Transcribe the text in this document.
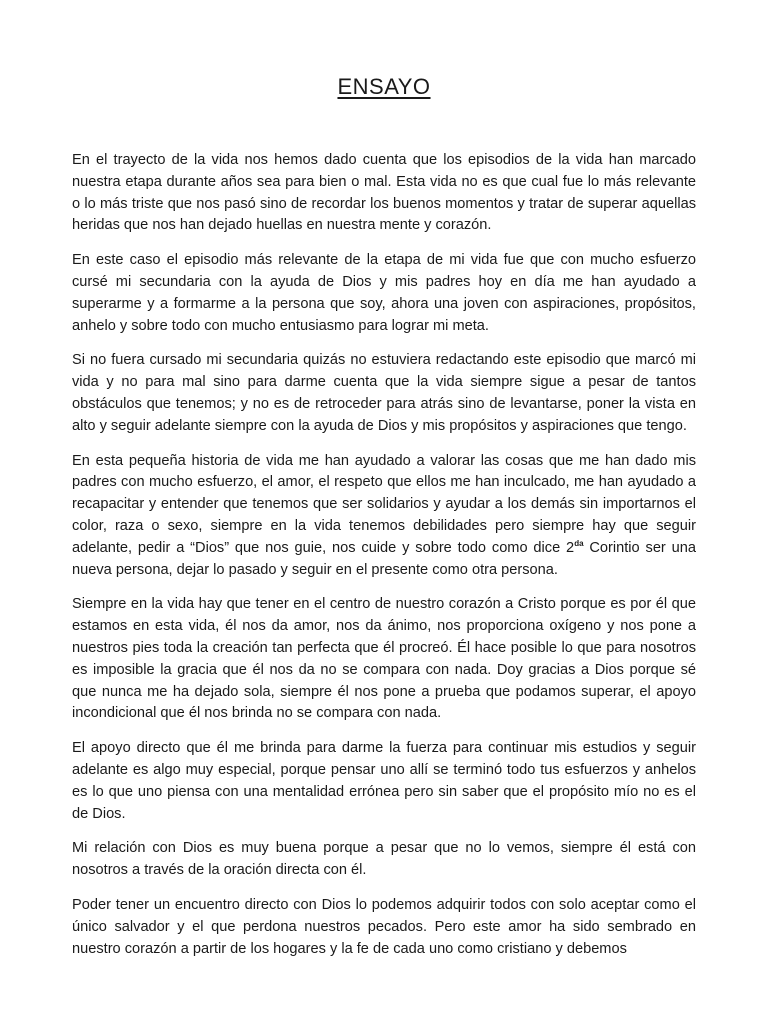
ENSAYO

En el trayecto de la vida nos hemos dado cuenta que los episodios de la vida han marcado nuestra etapa durante años sea para bien o mal. Esta vida no es que cual fue lo más relevante o lo más triste que nos pasó sino de recordar los buenos momentos y tratar de superar aquellas heridas que nos han dejado huellas en nuestra mente y corazón.

En este caso el episodio más relevante de la etapa de mi vida fue que con mucho esfuerzo cursé mi secundaria con la ayuda de Dios y mis padres hoy en día me han ayudado a superarme y a formarme a la persona que soy, ahora una joven con aspiraciones, propósitos, anhelo y sobre todo con mucho entusiasmo para lograr mi meta.

Si no fuera cursado mi secundaria quizás no estuviera redactando este episodio que marcó mi vida y no para mal sino para darme cuenta que la vida siempre sigue a pesar de tantos obstáculos que tenemos; y no es de retroceder para atrás sino de levantarse, poner la vista en alto y seguir adelante siempre con la ayuda de Dios y mis propósitos y aspiraciones que tengo.

En esta pequeña historia de vida me han ayudado a valorar las cosas que me han dado mis padres con mucho esfuerzo, el amor, el respeto que ellos me han inculcado, me han ayudado a recapacitar y entender que tenemos que ser solidarios y ayudar a los demás sin importarnos el color, raza o sexo, siempre en la vida tenemos debilidades pero siempre hay que seguir adelante, pedir a “Dios” que nos guie, nos cuide y sobre todo como dice $2^{da}$ Corintio ser una nueva persona, dejar lo pasado y seguir en el presente como otra persona.

Siempre en la vida hay que tener en el centro de nuestro corazón a Cristo porque es por él que estamos en esta vida, él nos da amor, nos da ánimo, nos proporciona oxígeno y nos pone a nuestros pies toda la creación tan perfecta que él procreó. Él hace posible lo que para nosotros es imposible la gracia que él nos da no se compara con nada. Doy gracias a Dios porque sé que nunca me ha dejado sola, siempre él nos pone a prueba que podamos superar, el apoyo incondicional que él nos brinda no se compara con nada.

El apoyo directo que él me brinda para darme la fuerza para continuar mis estudios y seguir adelante es algo muy especial, porque pensar uno allí se terminó todo tus esfuerzos y anhelos es lo que uno piensa con una mentalidad errónea pero sin saber que el propósito mío no es el de Dios.

Mi relación con Dios es muy buena porque a pesar que no lo vemos, siempre él está con nosotros a través de la oración directa con él.

Poder tener un encuentro directo con Dios lo podemos adquirir todos con solo aceptar como el único salvador y el que perdona nuestros pecados. Pero este amor ha sido sembrado en nuestro corazón a partir de los hogares y la fe de cada uno como cristiano y debemos
